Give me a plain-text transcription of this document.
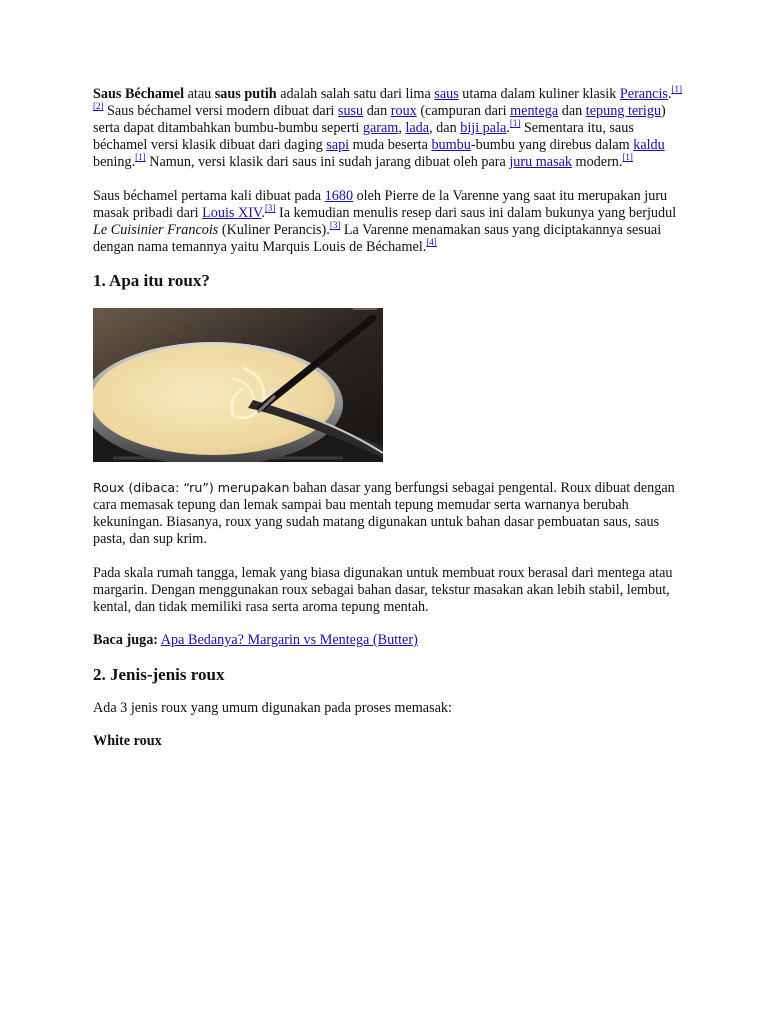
Saus Béchamel atau saus putih adalah salah satu dari lima saus utama dalam kuliner klasik Perancis.[1] [2] Saus béchamel versi modern dibuat dari susu dan roux (campuran dari mentega dan tepung terigu) serta dapat ditambahkan bumbu-bumbu seperti garam, lada, dan biji pala.[1] Sementara itu, saus béchamel versi klasik dibuat dari daging sapi muda beserta bumbu-bumbu yang direbus dalam kaldu bening.[1] Namun, versi klasik dari saus ini sudah jarang dibuat oleh para juru masak modern.[1]

Saus béchamel pertama kali dibuat pada 1680 oleh Pierre de la Varenne yang saat itu merupakan juru masak pribadi dari Louis XIV.[3] Ia kemudian menulis resep dari saus ini dalam bukunya yang berjudul Le Cuisinier Francois (Kuliner Perancis).[3] La Varenne menamakan saus yang diciptakannya sesuai dengan nama temannya yaitu Marquis Louis de Béchamel.[4]

1. Apa itu roux?

Roux (dibaca: “ru”) merupakan bahan dasar yang berfungsi sebagai pengental. Roux dibuat dengan cara memasak tepung dan lemak sampai bau mentah tepung memudar serta warnanya berubah kekuningan. Biasanya, roux yang sudah matang digunakan untuk bahan dasar pembuatan saus, saus pasta, dan sup krim.

Pada skala rumah tangga, lemak yang biasa digunakan untuk membuat roux berasal dari mentega atau margarin. Dengan menggunakan roux sebagai bahan dasar, tekstur masakan akan lebih stabil, lembut, kental, dan tidak memiliki rasa serta aroma tepung mentah.

Baca juga: Apa Bedanya? Margarin vs Mentega (Butter)

2. Jenis-jenis roux

Ada 3 jenis roux yang umum digunakan pada proses memasak:

White roux
